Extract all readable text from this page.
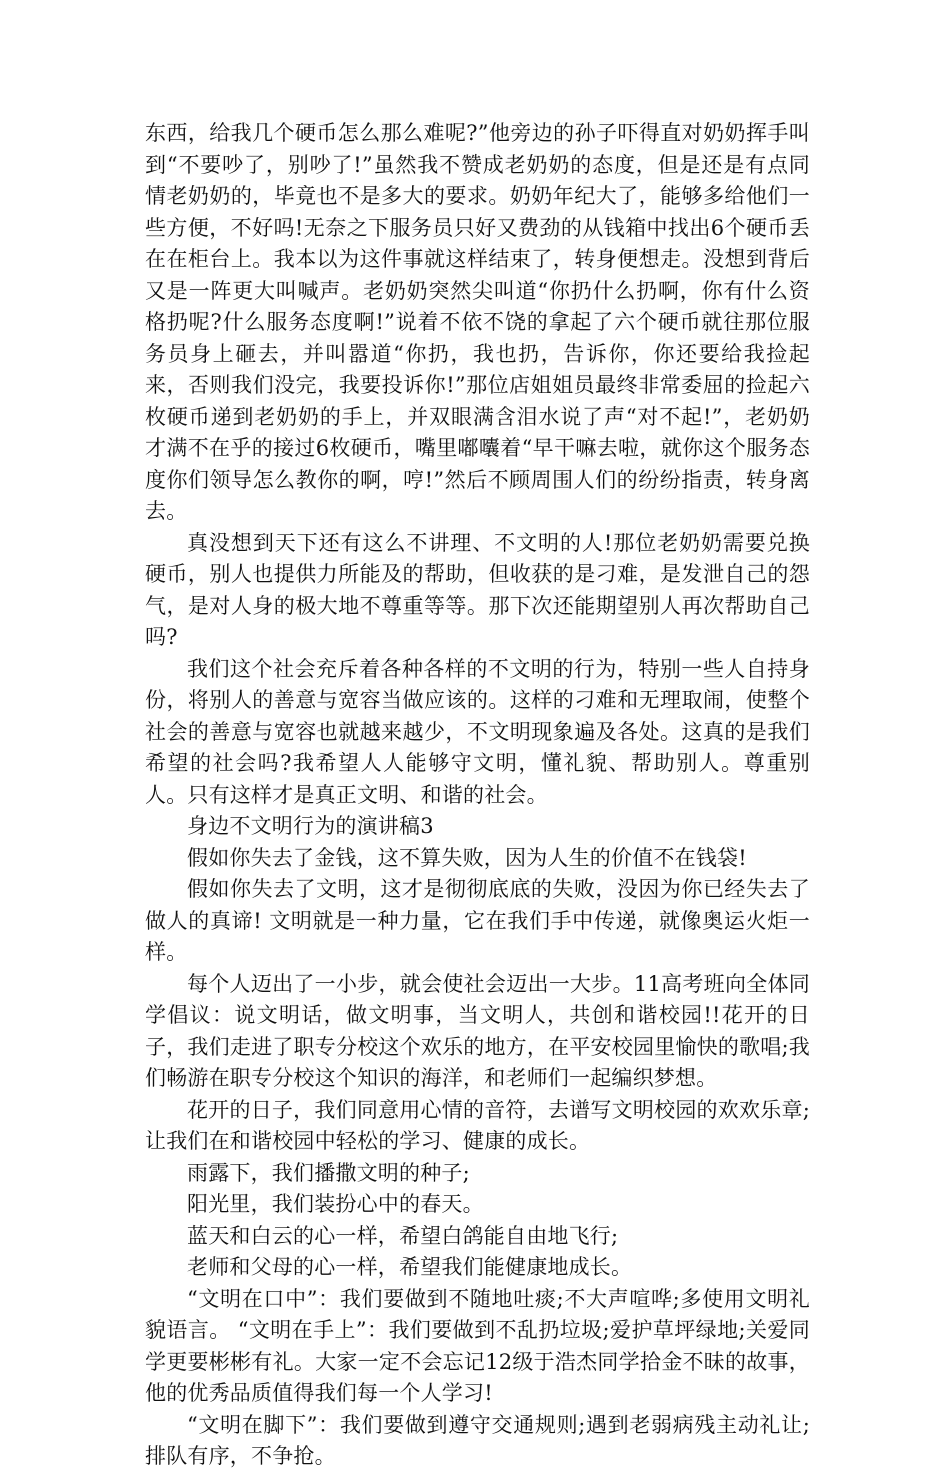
东西，给我几个硬币怎么那么难呢?”他旁边的孙子吓得直对奶奶挥手叫到“不要吵了，别吵了!”虽然我不赞成老奶奶的态度，但是还是有点同情老奶奶的，毕竟也不是多大的要求。奶奶年纪大了，能够多给他们一些方便，不好吗!无奈之下服务员只好又费劲的从钱箱中找出6个硬币丢在在柜台上。我本以为这件事就这样结束了，转身便想走。没想到背后又是一阵更大叫喊声。老奶奶突然尖叫道“你扔什么扔啊，你有什么资格扔呢?什么服务态度啊!”说着不依不饶的拿起了六个硬币就往那位服务员身上砸去，并叫嚣道“你扔，我也扔，告诉你，你还要给我捡起来，否则我们没完，我要投诉你!”那位店姐姐员最终非常委屈的捡起六枚硬币递到老奶奶的手上，并双眼满含泪水说了声“对不起!”，老奶奶才满不在乎的接过6枚硬币，嘴里嘟囔着“早干嘛去啦，就你这个服务态度你们领导怎么教你的啊，哼!”然后不顾周围人们的纷纷指责，转身离去。

真没想到天下还有这么不讲理、不文明的人!那位老奶奶需要兑换硬币，别人也提供力所能及的帮助，但收获的是刁难，是发泄自己的怨气，是对人身的极大地不尊重等等。那下次还能期望别人再次帮助自己吗?

我们这个社会充斥着各种各样的不文明的行为，特别一些人自持身份，将别人的善意与宽容当做应该的。这样的刁难和无理取闹，使整个社会的善意与宽容也就越来越少，不文明现象遍及各处。这真的是我们希望的社会吗?我希望人人能够守文明，懂礼貌、帮助别人。尊重别人。只有这样才是真正文明、和谐的社会。

身边不文明行为的演讲稿3

假如你失去了金钱，这不算失败，因为人生的价值不在钱袋!

假如你失去了文明，这才是彻彻底底的失败，没因为你已经失去了做人的真谛! 文明就是一种力量，它在我们手中传递，就像奥运火炬一样。

每个人迈出了一小步，就会使社会迈出一大步。11高考班向全体同学倡议：说文明话，做文明事，当文明人，共创和谐校园!!花开的日子，我们走进了职专分校这个欢乐的地方，在平安校园里愉快的歌唱;我们畅游在职专分校这个知识的海洋，和老师们一起编织梦想。

花开的日子，我们同意用心情的音符，去谱写文明校园的欢欢乐章;让我们在和谐校园中轻松的学习、健康的成长。

雨露下，我们播撒文明的种子;

阳光里，我们装扮心中的春天。

蓝天和白云的心一样，希望白鸽能自由地飞行;

老师和父母的心一样，希望我们能健康地成长。

“文明在口中”：我们要做到不随地吐痰;不大声喧哗;多使用文明礼貌语言。 “文明在手上”：我们要做到不乱扔垃圾;爱护草坪绿地;关爱同学更要彬彬有礼。大家一定不会忘记12级于浩杰同学拾金不昧的故事，他的优秀品质值得我们每一个人学习!

“文明在脚下”：我们要做到遵守交通规则;遇到老弱病残主动礼让;排队有序，不争抢。
